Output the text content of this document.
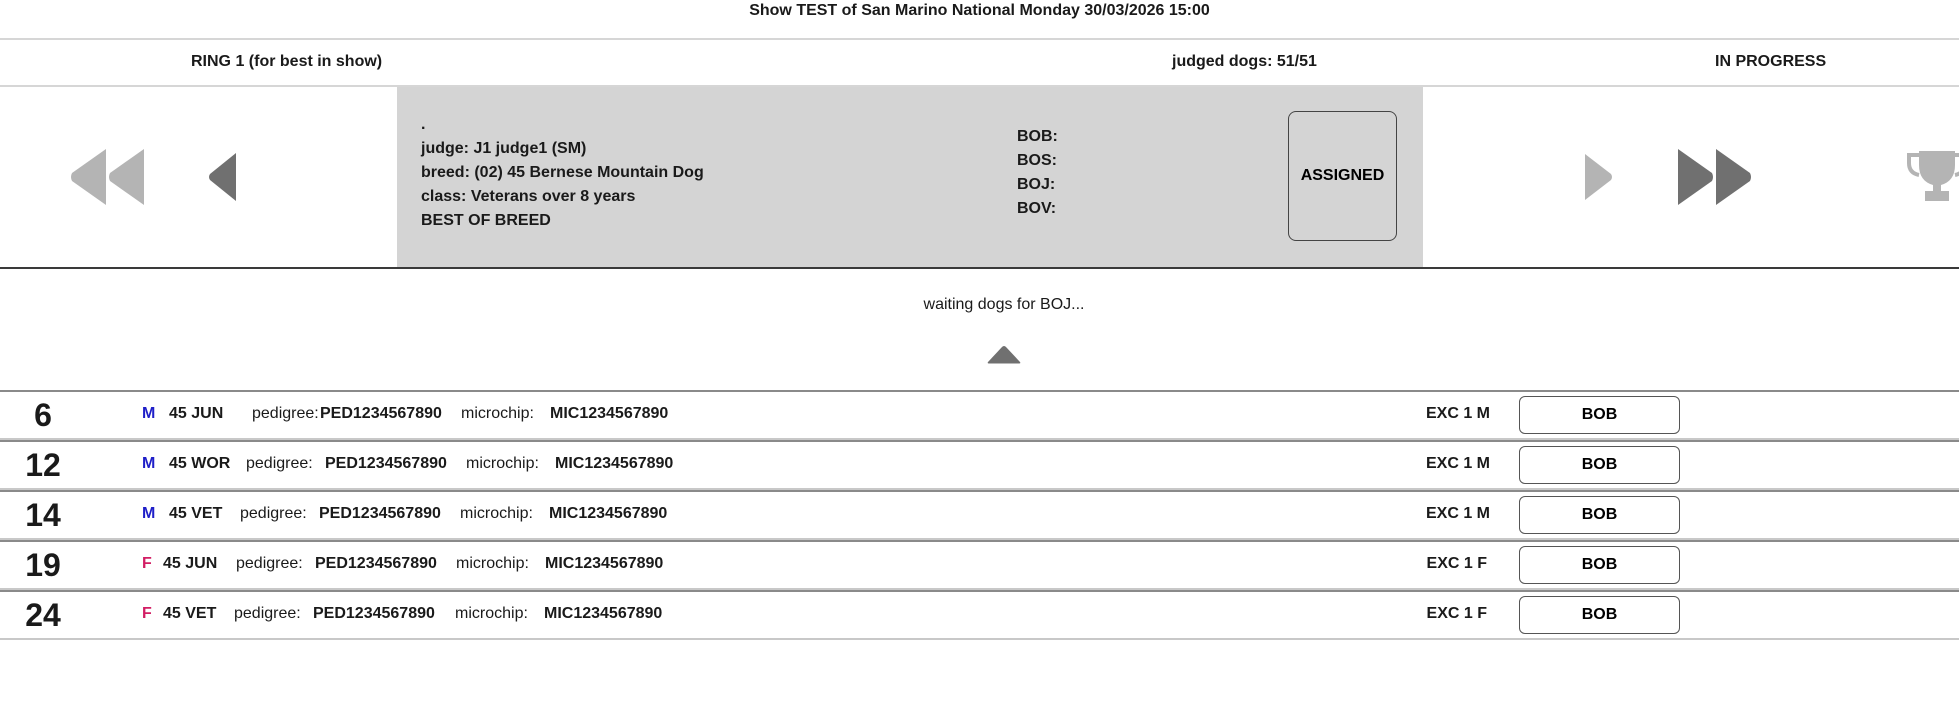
Show TEST of San Marino National Monday 30/03/2026 15:00
RING 1 (for best in show)	judged dogs: 51/51	IN PROGRESS
.
judge: J1 judge1 (SM)
breed: (02) 45 Bernese Mountain Dog
class: Veterans over 8 years
BEST OF BREED
BOB:
BOS:
BOJ:
BOV:
ASSIGNED
waiting dogs for BOJ...
6	M 45 JUN pedigree: PED1234567890 microchip: MIC1234567890	EXC 1 M	BOB
12	M 45 WOR pedigree: PED1234567890 microchip: MIC1234567890	EXC 1 M	BOB
14	M 45 VET pedigree: PED1234567890 microchip: MIC1234567890	EXC 1 M	BOB
19	F 45 JUN pedigree: PED1234567890 microchip: MIC1234567890	EXC 1 F	BOB
24	F 45 VET pedigree: PED1234567890 microchip: MIC1234567890	EXC 1 F	BOB
